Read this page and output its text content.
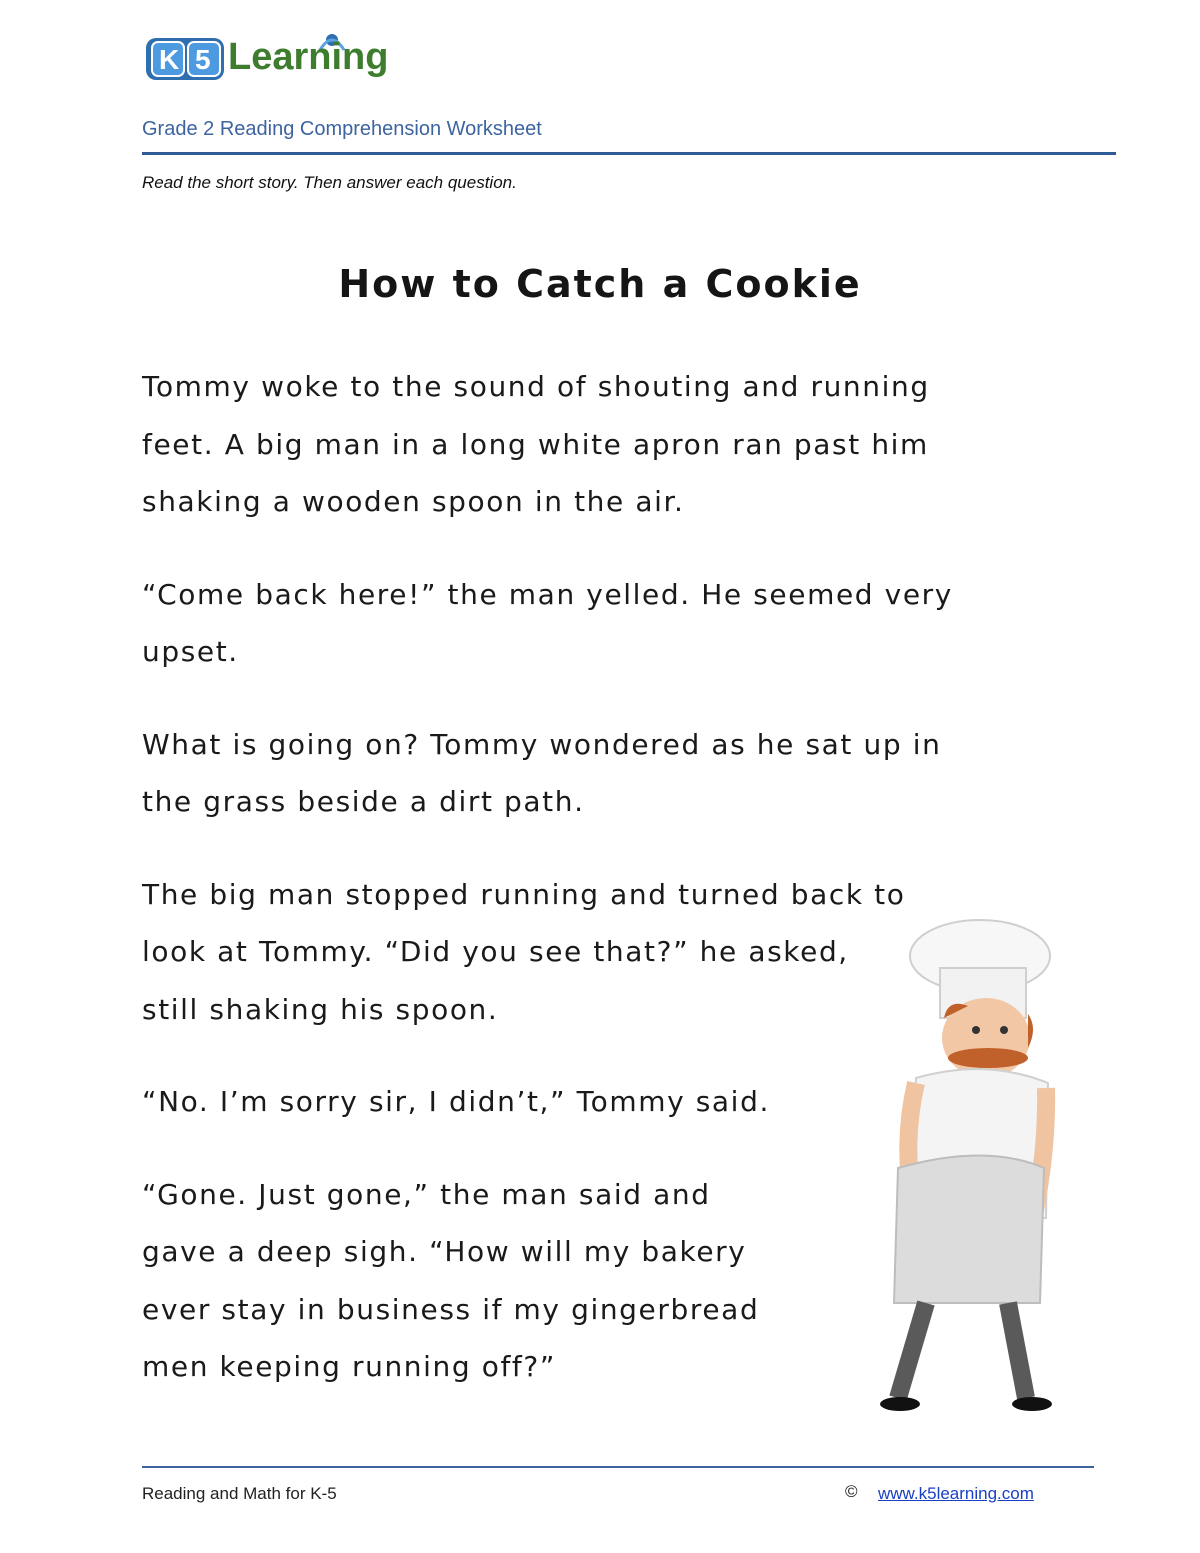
K 5 Learning
Grade 2 Reading Comprehension Worksheet
Read the short story. Then answer each question.
How to Catch a Cookie
Tommy woke to the sound of shouting and running
feet. A big man in a long white apron ran past him
shaking a wooden spoon in the air.
“Come back here!” the man yelled. He seemed very
upset.
What is going on? Tommy wondered as he sat up in
the grass beside a dirt path.
The big man stopped running and turned back to
look at Tommy. “Did you see that?” he asked,
still shaking his spoon.
“No. I’m sorry sir, I didn’t,” Tommy said.
“Gone. Just gone,” the man said and
gave a deep sigh. “How will my bakery
ever stay in business if my gingerbread
men keeping running off?”
Reading and Math for K-5	© www.k5learning.com
